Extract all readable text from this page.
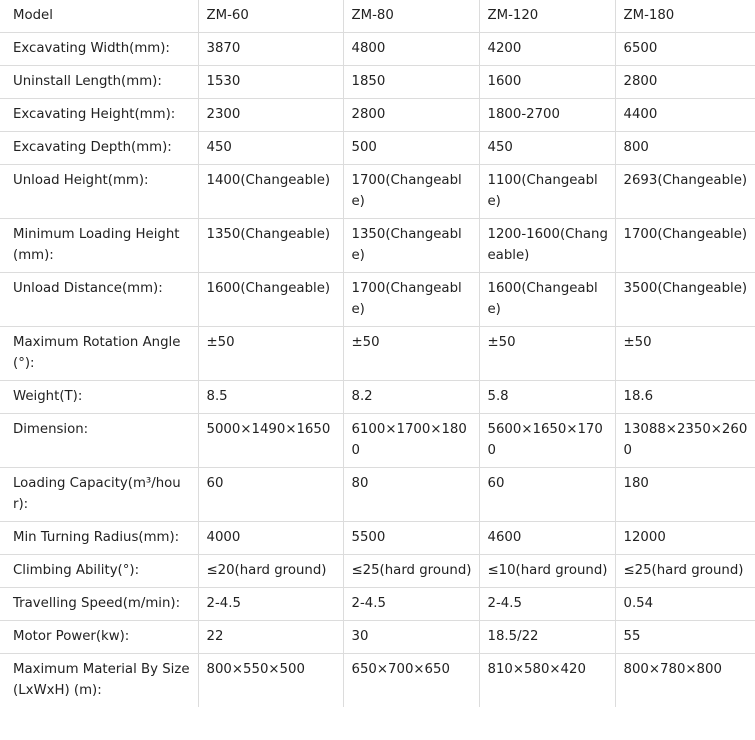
Model	ZM-60	ZM-80	ZM-120	ZM-180
Excavating Width(mm):	3870	4800	4200	6500
Uninstall Length(mm):	1530	1850	1600	2800
Excavating Height(mm):	2300	2800	1800-2700	4400
Excavating Depth(mm):	450	500	450	800
Unload Height(mm):	1400(Changeable)	1700(Changeable)	1100(Changeable)	2693(Changeable)
Minimum Loading Height(mm):	1350(Changeable)	1350(Changeable)	1200-1600(Changeable)	1700(Changeable)
Unload Distance(mm):	1600(Changeable)	1700(Changeable)	1600(Changeable)	3500(Changeable)
Maximum Rotation Angle(°):	±50	±50	±50	±50
Weight(T):	8.5	8.2	5.8	18.6
Dimension:	5000×1490×1650	6100×1700×1800	5600×1650×1700	13088×2350×2600
Loading Capacity(m³/hour):	60	80	60	180
Min Turning Radius(mm):	4000	5500	4600	12000
Climbing Ability(°):	≤20(hard ground)	≤25(hard ground)	≤10(hard ground)	≤25(hard ground)
Travelling Speed(m/min):	2-4.5	2-4.5	2-4.5	0.54
Motor Power(kw):	22	30	18.5/22	55
Maximum Material By Size(LxWxH) (m):	800×550×500	650×700×650	810×580×420	800×780×800
